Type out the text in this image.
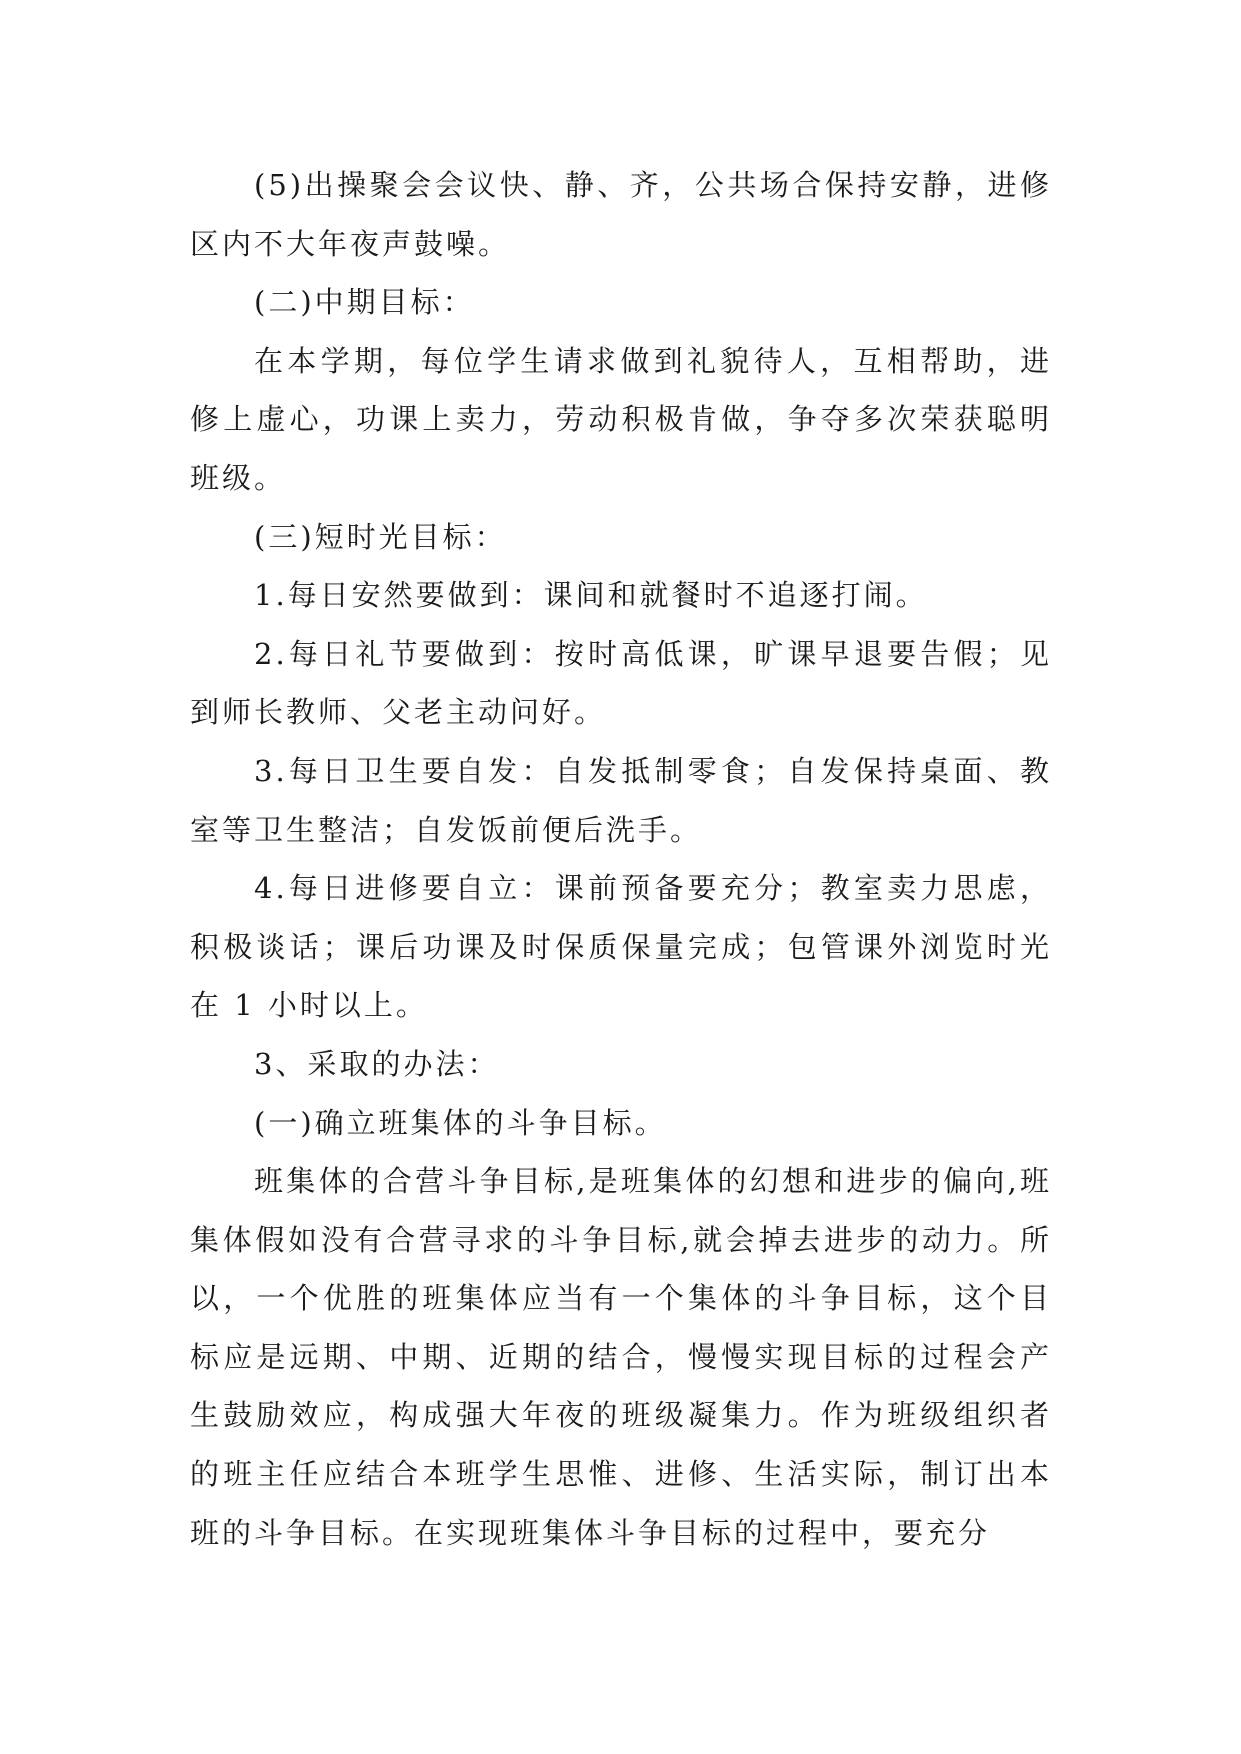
(5)出操聚会会议快、静、齐，公共场合保持安静，进修区内不大年夜声鼓噪。

(二)中期目标：

在本学期，每位学生请求做到礼貌待人，互相帮助，进修上虚心，功课上卖力，劳动积极肯做，争夺多次荣获聪明班级。

(三)短时光目标：

1.每日安然要做到：课间和就餐时不追逐打闹。

2.每日礼节要做到：按时高低课，旷课早退要告假；见到师长教师、父老主动问好。

3.每日卫生要自发：自发抵制零食；自发保持桌面、教室等卫生整洁；自发饭前便后洗手。

4.每日进修要自立：课前预备要充分；教室卖力思虑，积极谈话；课后功课及时保质保量完成；包管课外浏览时光在 1 小时以上。

3、采取的办法：

(一)确立班集体的斗争目标。

班集体的合营斗争目标,是班集体的幻想和进步的偏向,班集体假如没有合营寻求的斗争目标,就会掉去进步的动力。所以，一个优胜的班集体应当有一个集体的斗争目标，这个目标应是远期、中期、近期的结合，慢慢实现目标的过程会产生鼓励效应，构成强大年夜的班级凝集力。作为班级组织者的班主任应结合本班学生思惟、进修、生活实际，制订出本班的斗争目标。在实现班集体斗争目标的过程中，要充分
